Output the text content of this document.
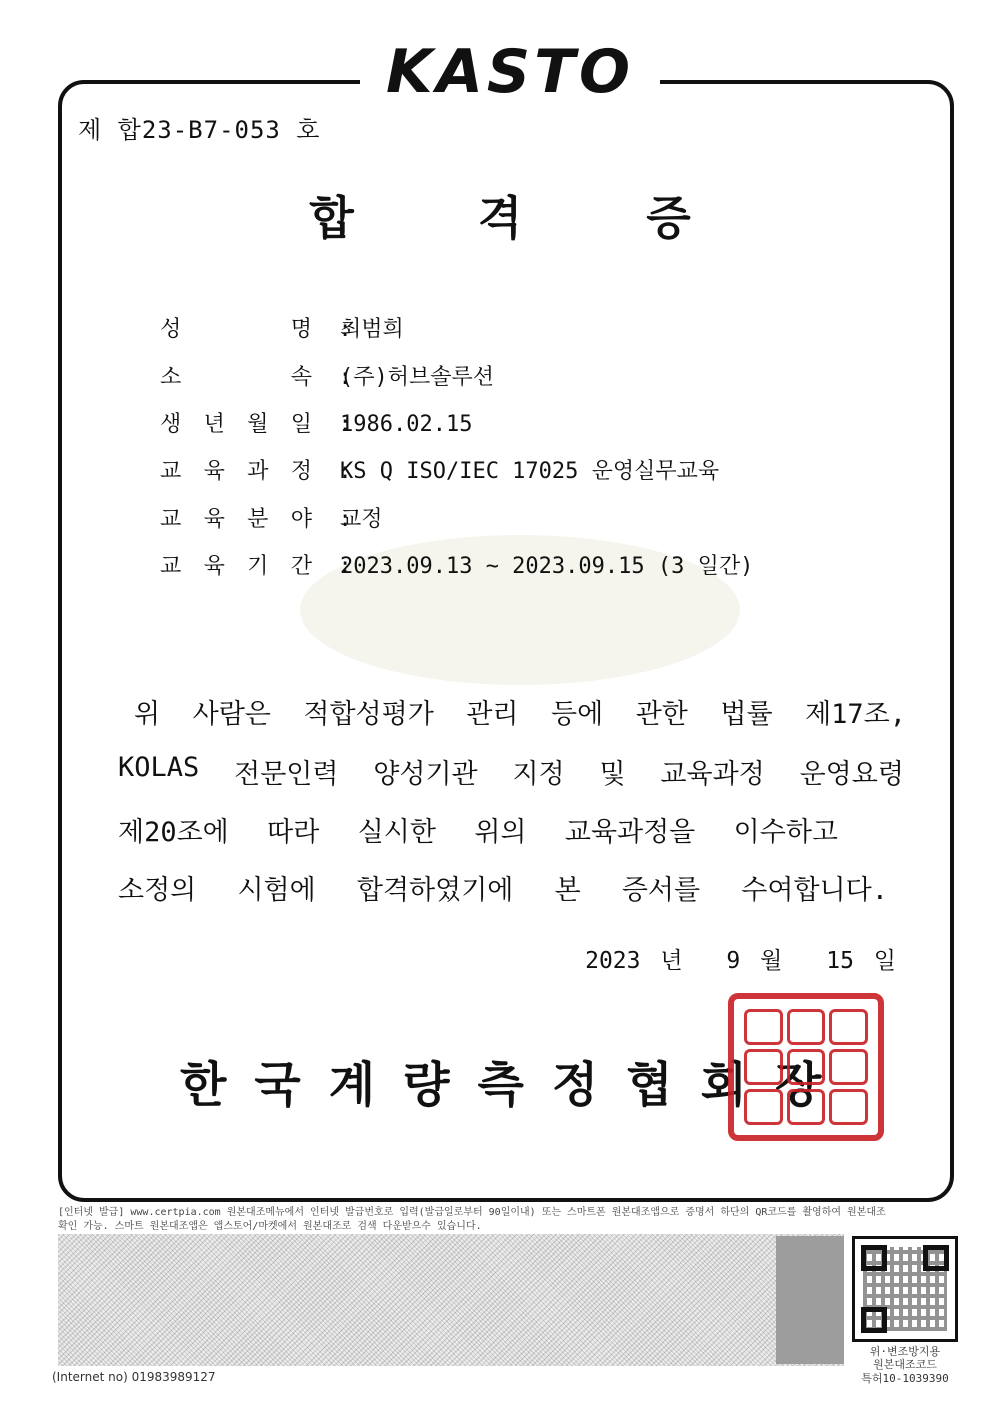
KASTO
제 합23-B7-053 호
합	격	증
성	명 :최범희
소	속 :(주)허브솔루션
생 년 월 일 :1986.02.15
교 육 과 정 :KS Q ISO/IEC 17025 운영실무교육
교 육 분 야 :교정
교 육 기 간 :2023.09.13 ~ 2023.09.15 (3 일간)
위 사람은 적합성평가 관리 등에 관한 법률 제17조,
KOLAS 전문인력 양성기관 지정 및 교육과정 운영요령
제20조에 따라 실시한 위의 교육과정을 이수하고
소정의 시험에 합격하였기에 본 증서를 수여합니다.
2023 년 9 월 15 일
한국계량측정협회장
[인터넷 발급] www.certpia.com 원본대조메뉴에서 인터넷 발급번호로 입력(발급일로부터 90일이내) 또는 스마트폰 원본대조앱으로 증명서 하단의 QR코드를 촬영하여 원본대조 확인 가능. 스마트 원본대조앱은 앱스토어/마켓에서 원본대조로 검색 다운받으수 있습니다.
위·변조방지용
원본대조코드
특허10-1039390
(Internet no) 01983989127
